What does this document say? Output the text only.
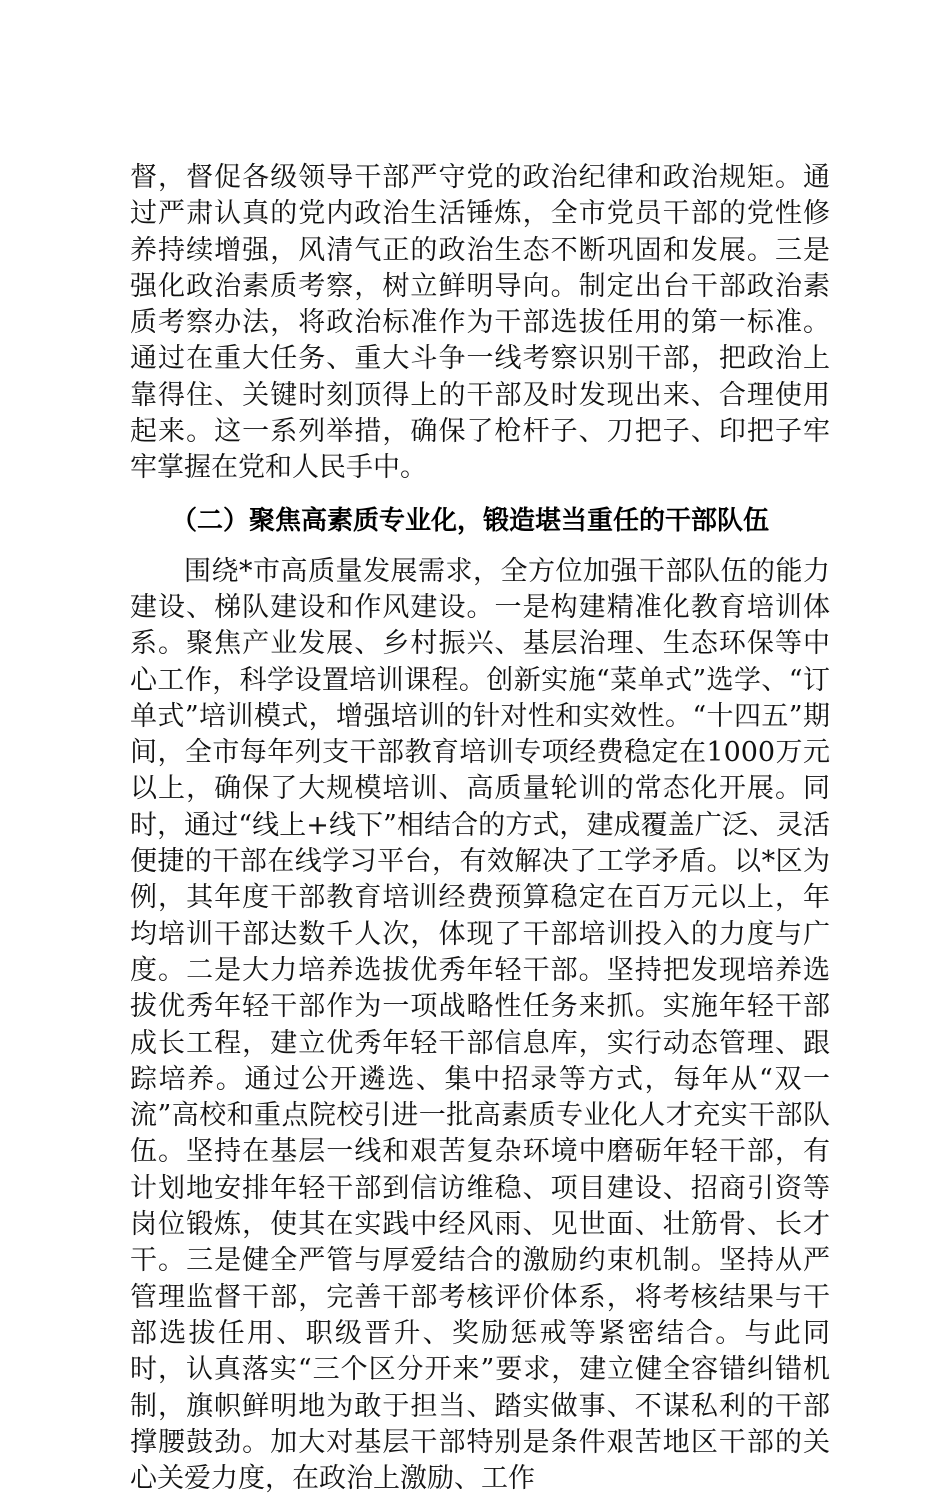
督，督促各级领导干部严守党的政治纪律和政治规矩。通过严肃认真的党内政治生活锤炼，全市党员干部的党性修养持续增强，风清气正的政治生态不断巩固和发展。三是强化政治素质考察，树立鲜明导向。制定出台干部政治素质考察办法，将政治标准作为干部选拔任用的第一标准。通过在重大任务、重大斗争一线考察识别干部，把政治上靠得住、关键时刻顶得上的干部及时发现出来、合理使用起来。这一系列举措，确保了枪杆子、刀把子、印把子牢牢掌握在党和人民手中。

（二）聚焦高素质专业化，锻造堪当重任的干部队伍

围绕*市高质量发展需求，全方位加强干部队伍的能力建设、梯队建设和作风建设。一是构建精准化教育培训体系。聚焦产业发展、乡村振兴、基层治理、生态环保等中心工作，科学设置培训课程。创新实施“菜单式”选学、“订单式”培训模式，增强培训的针对性和实效性。“十四五”期间，全市每年列支干部教育培训专项经费稳定在1000万元以上，确保了大规模培训、高质量轮训的常态化开展。同时，通过“线上+线下”相结合的方式，建成覆盖广泛、灵活便捷的干部在线学习平台，有效解决了工学矛盾。以*区为例，其年度干部教育培训经费预算稳定在百万元以上，年均培训干部达数千人次，体现了干部培训投入的力度与广度。二是大力培养选拔优秀年轻干部。坚持把发现培养选拔优秀年轻干部作为一项战略性任务来抓。实施年轻干部成长工程，建立优秀年轻干部信息库，实行动态管理、跟踪培养。通过公开遴选、集中招录等方式，每年从“双一流”高校和重点院校引进一批高素质专业化人才充实干部队伍。坚持在基层一线和艰苦复杂环境中磨砺年轻干部，有计划地安排年轻干部到信访维稳、项目建设、招商引资等岗位锻炼，使其在实践中经风雨、见世面、壮筋骨、长才干。三是健全严管与厚爱结合的激励约束机制。坚持从严管理监督干部，完善干部考核评价体系，将考核结果与干部选拔任用、职级晋升、奖励惩戒等紧密结合。与此同时，认真落实“三个区分开来”要求，建立健全容错纠错机制，旗帜鲜明地为敢于担当、踏实做事、不谋私利的干部撑腰鼓劲。加大对基层干部特别是条件艰苦地区干部的关心关爱力度，在政治上激励、工作
